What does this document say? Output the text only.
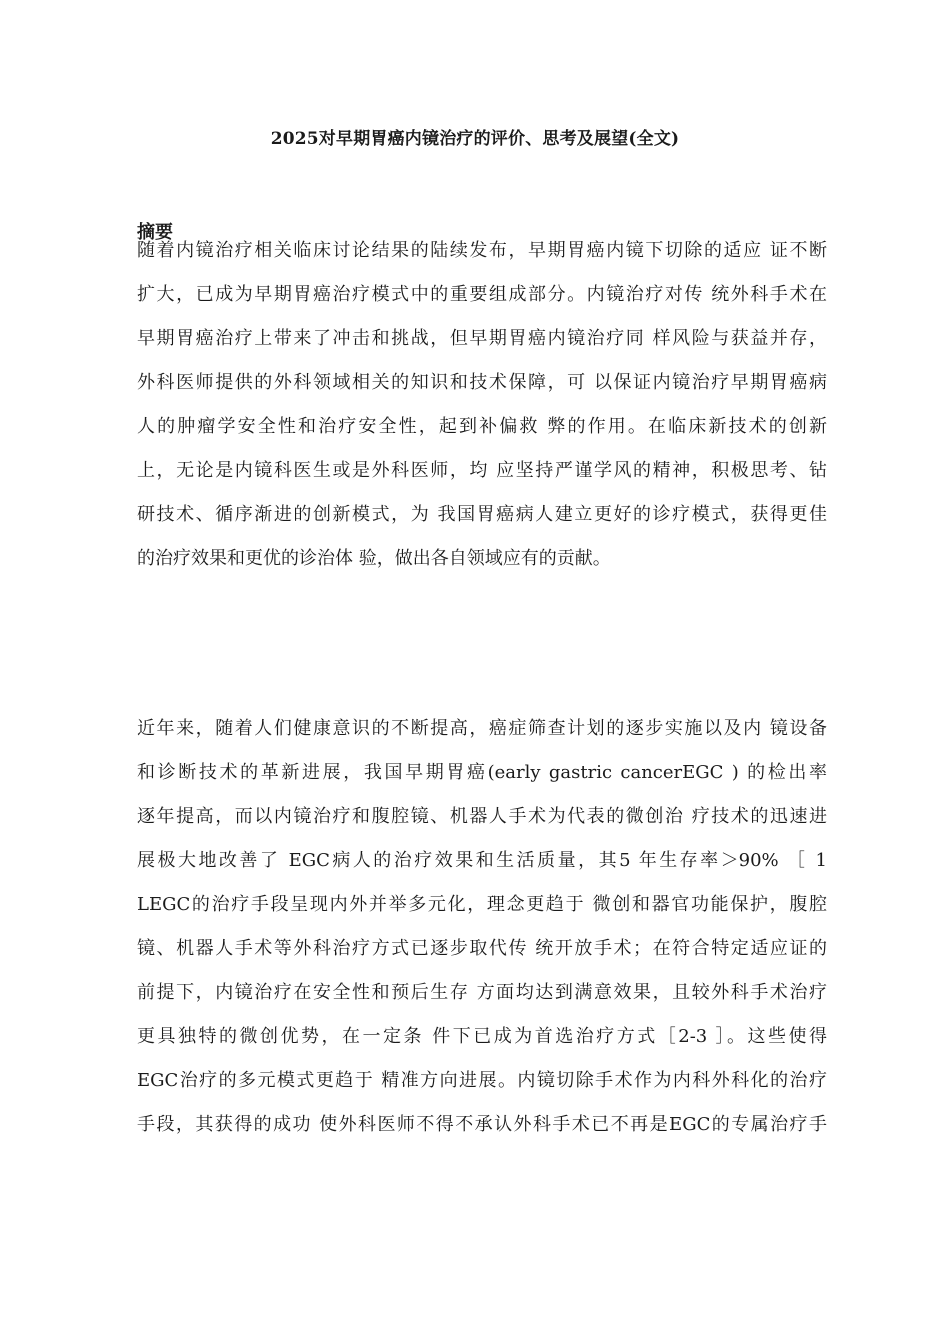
2025对早期胃癌内镜治疗的评价、思考及展望(全文)
摘要
随着内镜治疗相关临床讨论结果的陆续发布，早期胃癌内镜下切除的适应 证不断
扩大，已成为早期胃癌治疗模式中的重要组成部分。内镜治疗对传 统外科手术在
早期胃癌治疗上带来了冲击和挑战，但早期胃癌内镜治疗同 样风险与获益并存，
外科医师提供的外科领域相关的知识和技术保障，可 以保证内镜治疗早期胃癌病
人的肿瘤学安全性和治疗安全性，起到补偏救 弊的作用。在临床新技术的创新
上，无论是内镜科医生或是外科医师，均 应坚持严谨学风的精神，积极思考、钻
研技术、循序渐进的创新模式，为 我国胃癌病人建立更好的诊疗模式，获得更佳
的治疗效果和更优的诊治体 验，做出各自领域应有的贡献。
近年来，随着人们健康意识的不断提高，癌症筛查计划的逐步实施以及内 镜设备
和诊断技术的革新进展，我国早期胃癌(early gastric cancerEGC ) 的检出率
逐年提高，而以内镜治疗和腹腔镜、机器人手术为代表的微创治 疗技术的迅速进
展极大地改善了 EGC病人的治疗效果和生活质量，其5 年生存率＞90% ［ 1
LEGC的治疗手段呈现内外并举多元化，理念更趋于 微创和器官功能保护，腹腔
镜、机器人手术等外科治疗方式已逐步取代传 统开放手术；在符合特定适应证的
前提下，内镜治疗在安全性和预后生存 方面均达到满意效果，且较外科手术治疗
更具独特的微创优势，在一定条 件下已成为首选治疗方式［2-3 ］。这些使得
EGC治疗的多元模式更趋于 精准方向进展。内镜切除手术作为内科外科化的治疗
手段，其获得的成功 使外科医师不得不承认外科手术已不再是EGC的专属治疗手
